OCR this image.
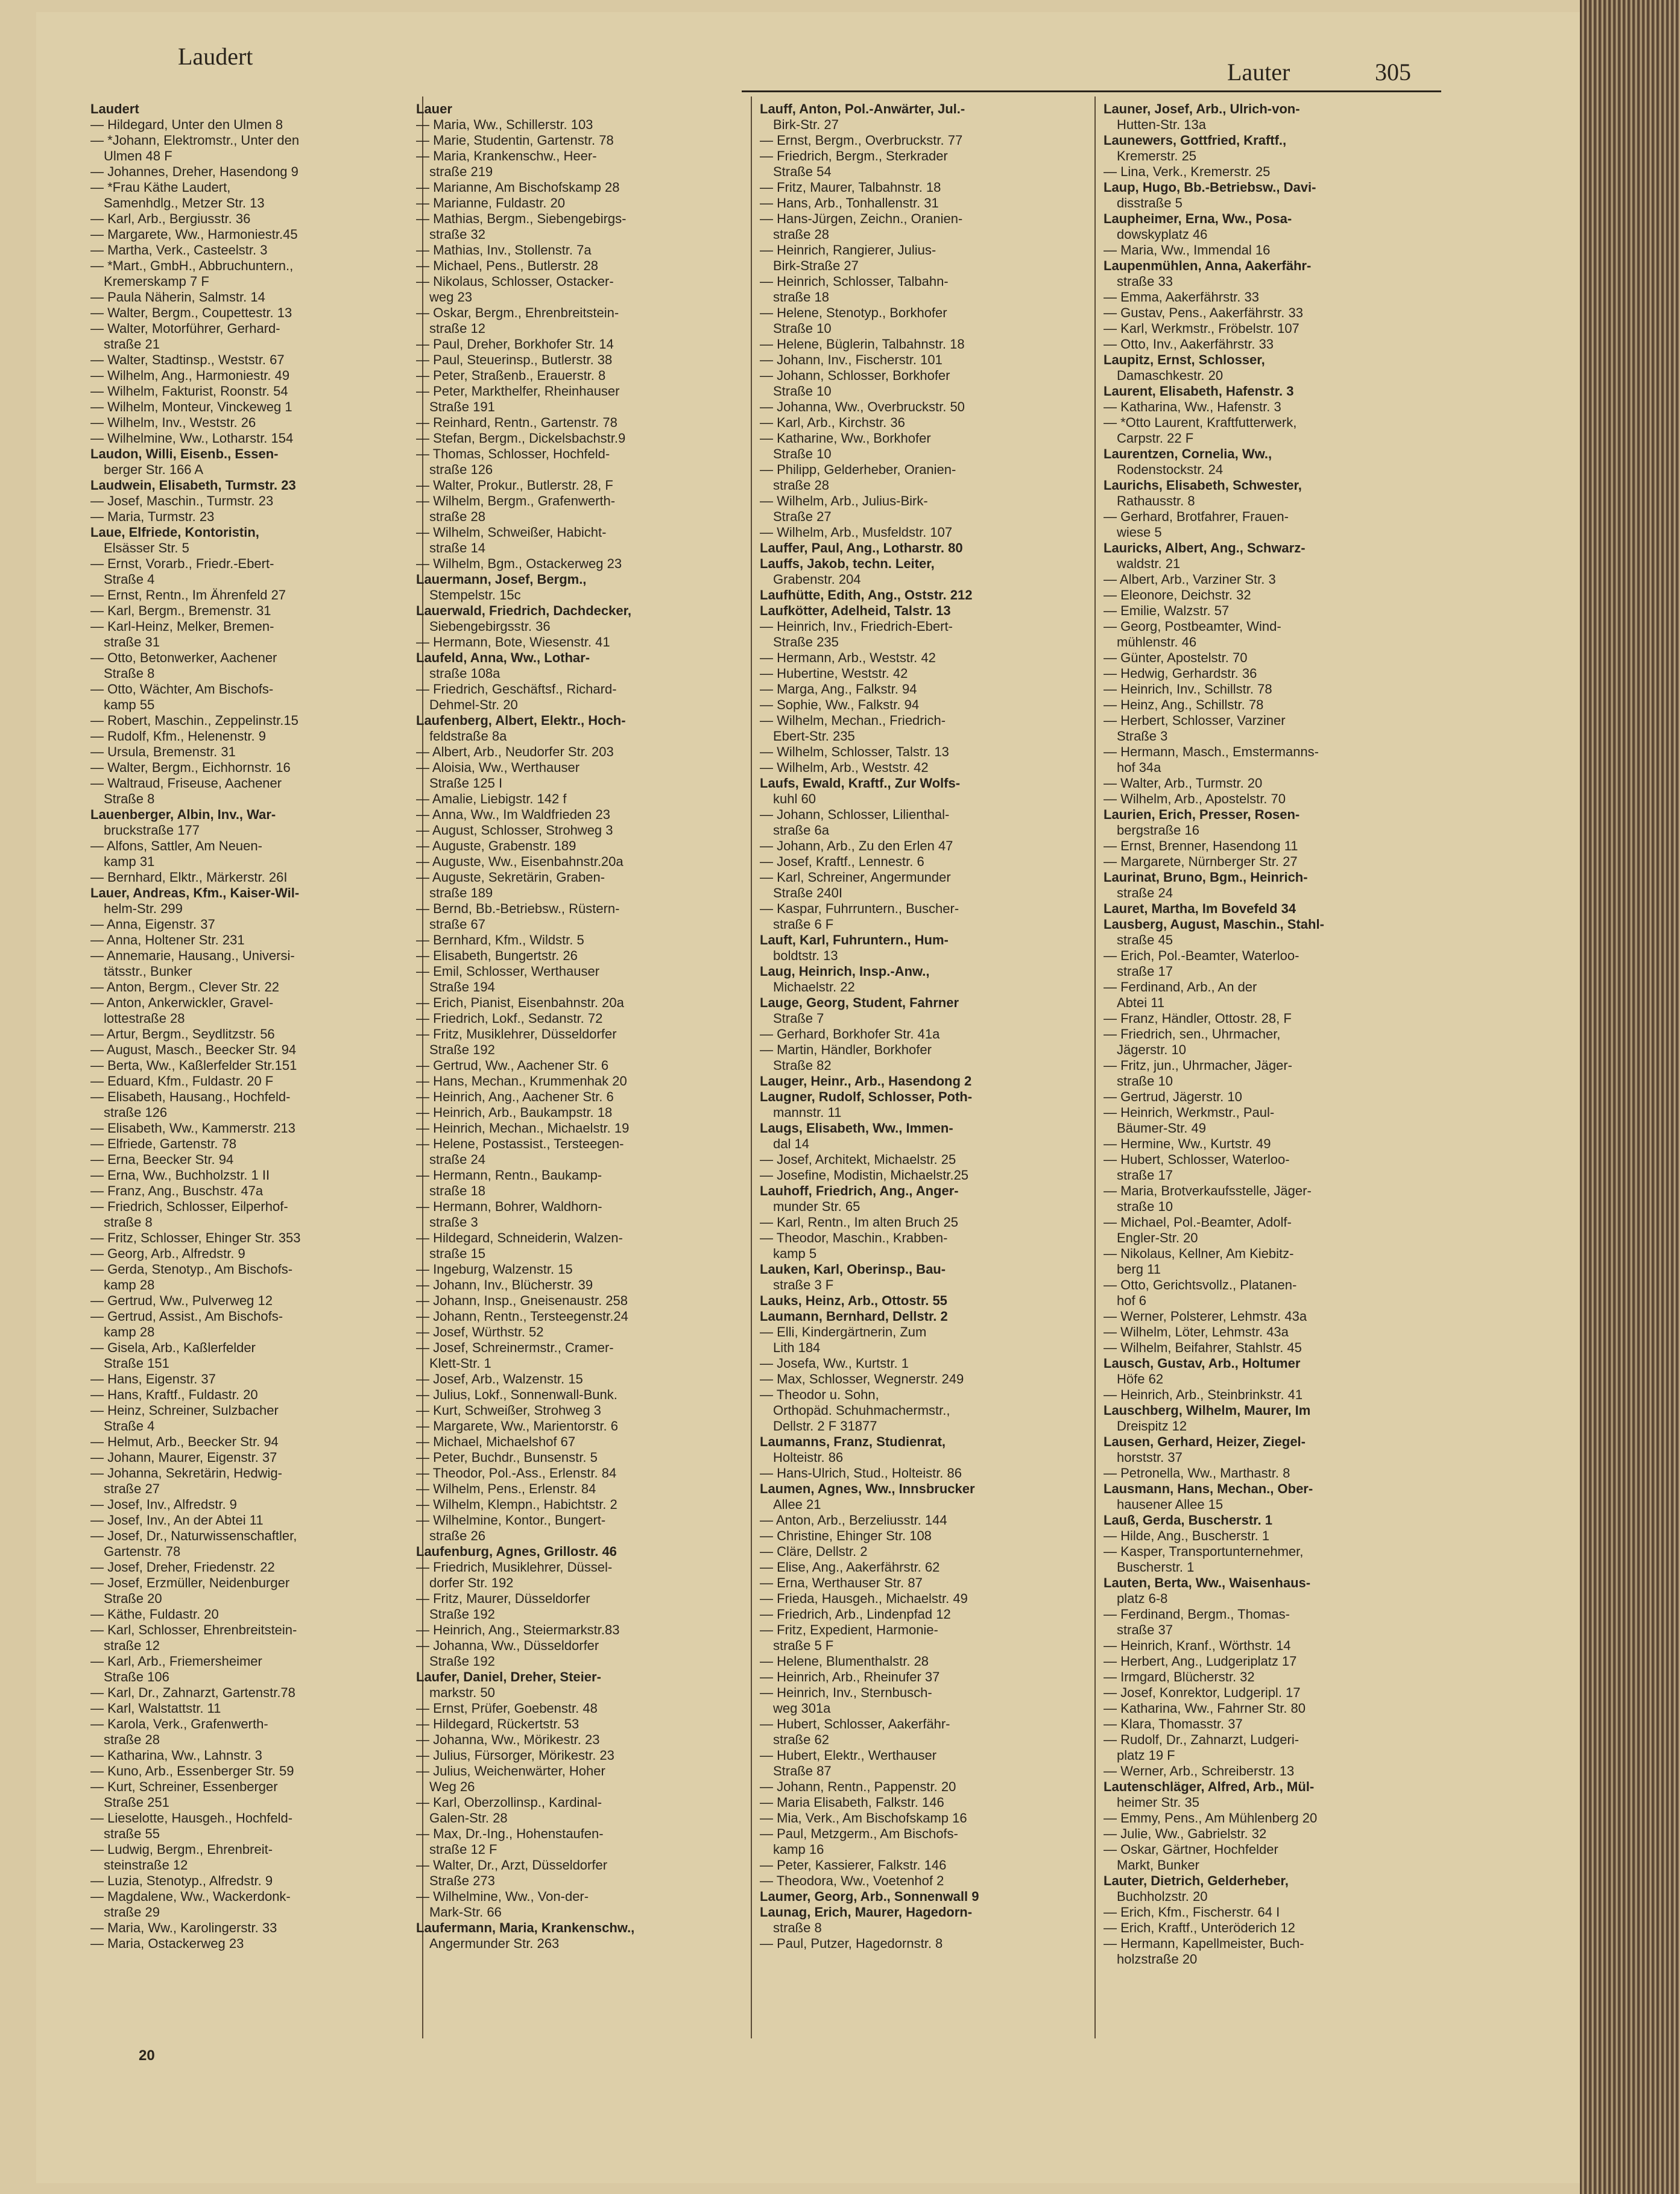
Laudert
Lauter	305
Laudert
— Hildegard, Unter den Ulmen 8
— *Johann, Elektromstr., Unter den
Ulmen 48 F
— Johannes, Dreher, Hasendong 9
— *Frau Käthe Laudert,
Samenhdlg., Metzer Str. 13
— Karl, Arb., Bergiusstr. 36
— Margarete, Ww., Harmoniestr.45
— Martha, Verk., Casteelstr. 3
— *Mart., GmbH., Abbruchuntern.,
Kremerskamp 7 F
— Paula Näherin, Salmstr. 14
— Walter, Bergm., Coupettestr. 13
— Walter, Motorführer, Gerhard-
straße 21
— Walter, Stadtinsp., Weststr. 67
— Wilhelm, Ang., Harmoniestr. 49
— Wilhelm, Fakturist, Roonstr. 54
— Wilhelm, Monteur, Vinckeweg 1
— Wilhelm, Inv., Weststr. 26
— Wilhelmine, Ww., Lotharstr. 154
Laudon, Willi, Eisenb., Essen-
berger Str. 166 A
Laudwein, Elisabeth, Turmstr. 23
— Josef, Maschin., Turmstr. 23
— Maria, Turmstr. 23
Laue, Elfriede, Kontoristin,
Elsässer Str. 5
— Ernst, Vorarb., Friedr.-Ebert-
Straße 4
— Ernst, Rentn., Im Ährenfeld 27
— Karl, Bergm., Bremenstr. 31
— Karl-Heinz, Melker, Bremen-
straße 31
— Otto, Betonwerker, Aachener
Straße 8
— Otto, Wächter, Am Bischofs-
kamp 55
— Robert, Maschin., Zeppelinstr.15
— Rudolf, Kfm., Helenenstr. 9
— Ursula, Bremenstr. 31
— Walter, Bergm., Eichhornstr. 16
— Waltraud, Friseuse, Aachener
Straße 8
Lauenberger, Albin, Inv., War-
bruckstraße 177
— Alfons, Sattler, Am Neuen-
kamp 31
— Bernhard, Elktr., Märkerstr. 26I
Lauer, Andreas, Kfm., Kaiser-Wil-
helm-Str. 299
— Anna, Eigenstr. 37
— Anna, Holtener Str. 231
— Annemarie, Hausang., Universi-
tätsstr., Bunker
— Anton, Bergm., Clever Str. 22
— Anton, Ankerwickler, Gravel-
lottestraße 28
— Artur, Bergm., Seydlitzstr. 56
— August, Masch., Beecker Str. 94
— Berta, Ww., Kaßlerfelder Str.151
— Eduard, Kfm., Fuldastr. 20 F
— Elisabeth, Hausang., Hochfeld-
straße 126
— Elisabeth, Ww., Kammerstr. 213
— Elfriede, Gartenstr. 78
— Erna, Beecker Str. 94
— Erna, Ww., Buchholzstr. 1 II
— Franz, Ang., Buschstr. 47a
— Friedrich, Schlosser, Eilperhof-
straße 8
— Fritz, Schlosser, Ehinger Str. 353
— Georg, Arb., Alfredstr. 9
— Gerda, Stenotyp., Am Bischofs-
kamp 28
— Gertrud, Ww., Pulverweg 12
— Gertrud, Assist., Am Bischofs-
kamp 28
— Gisela, Arb., Kaßlerfelder
Straße 151
— Hans, Eigenstr. 37
— Hans, Kraftf., Fuldastr. 20
— Heinz, Schreiner, Sulzbacher
Straße 4
— Helmut, Arb., Beecker Str. 94
— Johann, Maurer, Eigenstr. 37
— Johanna, Sekretärin, Hedwig-
straße 27
— Josef, Inv., Alfredstr. 9
— Josef, Inv., An der Abtei 11
— Josef, Dr., Naturwissenschaftler,
Gartenstr. 78
— Josef, Dreher, Friedenstr. 22
— Josef, Erzmüller, Neidenburger
Straße 20
— Käthe, Fuldastr. 20
— Karl, Schlosser, Ehrenbreitstein-
straße 12
— Karl, Arb., Friemersheimer
Straße 106
— Karl, Dr., Zahnarzt, Gartenstr.78
— Karl, Walstattstr. 11
— Karola, Verk., Grafenwerth-
straße 28
— Katharina, Ww., Lahnstr. 3
— Kuno, Arb., Essenberger Str. 59
— Kurt, Schreiner, Essenberger
Straße 251
— Lieselotte, Hausgeh., Hochfeld-
straße 55
— Ludwig, Bergm., Ehrenbreit-
steinstraße 12
— Luzia, Stenotyp., Alfredstr. 9
— Magdalene, Ww., Wackerdonk-
straße 29
— Maria, Ww., Karolingerstr. 33
— Maria, Ostackerweg 23
Lauer
— Maria, Ww., Schillerstr. 103
— Marie, Studentin, Gartenstr. 78
— Maria, Krankenschw., Heer-
straße 219
— Marianne, Am Bischofskamp 28
— Marianne, Fuldastr. 20
— Mathias, Bergm., Siebengebirgs-
straße 32
— Mathias, Inv., Stollenstr. 7a
— Michael, Pens., Butlerstr. 28
— Nikolaus, Schlosser, Ostacker-
weg 23
— Oskar, Bergm., Ehrenbreitstein-
straße 12
— Paul, Dreher, Borkhofer Str. 14
— Paul, Steuerinsp., Butlerstr. 38
— Peter, Straßenb., Erauerstr. 8
— Peter, Markthelfer, Rheinhauser
Straße 191
— Reinhard, Rentn., Gartenstr. 78
— Stefan, Bergm., Dickelsbachstr.9
— Thomas, Schlosser, Hochfeld-
straße 126
— Walter, Prokur., Butlerstr. 28, F
— Wilhelm, Bergm., Grafenwerth-
straße 28
— Wilhelm, Schweißer, Habicht-
straße 14
— Wilhelm, Bgm., Ostackerweg 23
Lauermann, Josef, Bergm.,
Stempelstr. 15c
Lauerwald, Friedrich, Dachdecker,
Siebengebirgsstr. 36
— Hermann, Bote, Wiesenstr. 41
Laufeld, Anna, Ww., Lothar-
straße 108a
— Friedrich, Geschäftsf., Richard-
Dehmel-Str. 20
Laufenberg, Albert, Elektr., Hoch-
feldstraße 8a
— Albert, Arb., Neudorfer Str. 203
— Aloisia, Ww., Werthauser
Straße 125 I
— Amalie, Liebigstr. 142 f
— Anna, Ww., Im Waldfrieden 23
— August, Schlosser, Strohweg 3
— Auguste, Grabenstr. 189
— Auguste, Ww., Eisenbahnstr.20a
— Auguste, Sekretärin, Graben-
straße 189
— Bernd, Bb.-Betriebsw., Rüstern-
straße 67
— Bernhard, Kfm., Wildstr. 5
— Elisabeth, Bungertstr. 26
— Emil, Schlosser, Werthauser
Straße 194
— Erich, Pianist, Eisenbahnstr. 20a
— Friedrich, Lokf., Sedanstr. 72
— Fritz, Musiklehrer, Düsseldorfer
Straße 192
— Gertrud, Ww., Aachener Str. 6
— Hans, Mechan., Krummenhak 20
— Heinrich, Ang., Aachener Str. 6
— Heinrich, Arb., Baukampstr. 18
— Heinrich, Mechan., Michaelstr. 19
— Helene, Postassist., Tersteegen-
straße 24
— Hermann, Rentn., Baukamp-
straße 18
— Hermann, Bohrer, Waldhorn-
straße 3
— Hildegard, Schneiderin, Walzen-
straße 15
— Ingeburg, Walzenstr. 15
— Johann, Inv., Blücherstr. 39
— Johann, Insp., Gneisenaustr. 258
— Johann, Rentn., Tersteegenstr.24
— Josef, Würthstr. 52
— Josef, Schreinermstr., Cramer-
Klett-Str. 1
— Josef, Arb., Walzenstr. 15
— Julius, Lokf., Sonnenwall-Bunk.
— Kurt, Schweißer, Strohweg 3
— Margarete, Ww., Marientorstr. 6
— Michael, Michaelshof 67
— Peter, Buchdr., Bunsenstr. 5
— Theodor, Pol.-Ass., Erlenstr. 84
— Wilhelm, Pens., Erlenstr. 84
— Wilhelm, Klempn., Habichtstr. 2
— Wilhelmine, Kontor., Bungert-
straße 26
Laufenburg, Agnes, Grillostr. 46
— Friedrich, Musiklehrer, Düssel-
dorfer Str. 192
— Fritz, Maurer, Düsseldorfer
Straße 192
— Heinrich, Ang., Steiermarkstr.83
— Johanna, Ww., Düsseldorfer
Straße 192
Laufer, Daniel, Dreher, Steier-
markstr. 50
— Ernst, Prüfer, Goebenstr. 48
— Hildegard, Rückertstr. 53
— Johanna, Ww., Mörikestr. 23
— Julius, Fürsorger, Mörikestr. 23
— Julius, Weichenwärter, Hoher
Weg 26
— Karl, Oberzollinsp., Kardinal-
Galen-Str. 28
— Max, Dr.-Ing., Hohenstaufen-
straße 12 F
— Walter, Dr., Arzt, Düsseldorfer
Straße 273
— Wilhelmine, Ww., Von-der-
Mark-Str. 66
Laufermann, Maria, Krankenschw.,
Angermunder Str. 263
Lauff, Anton, Pol.-Anwärter, Jul.-
Birk-Str. 27
— Ernst, Bergm., Overbruckstr. 77
— Friedrich, Bergm., Sterkrader
Straße 54
— Fritz, Maurer, Talbahnstr. 18
— Hans, Arb., Tonhallenstr. 31
— Hans-Jürgen, Zeichn., Oranien-
straße 28
— Heinrich, Rangierer, Julius-
Birk-Straße 27
— Heinrich, Schlosser, Talbahn-
straße 18
— Helene, Stenotyp., Borkhofer
Straße 10
— Helene, Büglerin, Talbahnstr. 18
— Johann, Inv., Fischerstr. 101
— Johann, Schlosser, Borkhofer
Straße 10
— Johanna, Ww., Overbruckstr. 50
— Karl, Arb., Kirchstr. 36
— Katharine, Ww., Borkhofer
Straße 10
— Philipp, Gelderheber, Oranien-
straße 28
— Wilhelm, Arb., Julius-Birk-
Straße 27
— Wilhelm, Arb., Musfeldstr. 107
Lauffer, Paul, Ang., Lotharstr. 80
Lauffs, Jakob, techn. Leiter,
Grabenstr. 204
Laufhütte, Edith, Ang., Oststr. 212
Laufkötter, Adelheid, Talstr. 13
— Heinrich, Inv., Friedrich-Ebert-
Straße 235
— Hermann, Arb., Weststr. 42
— Hubertine, Weststr. 42
— Marga, Ang., Falkstr. 94
— Sophie, Ww., Falkstr. 94
— Wilhelm, Mechan., Friedrich-
Ebert-Str. 235
— Wilhelm, Schlosser, Talstr. 13
— Wilhelm, Arb., Weststr. 42
Laufs, Ewald, Kraftf., Zur Wolfs-
kuhl 60
— Johann, Schlosser, Lilienthal-
straße 6a
— Johann, Arb., Zu den Erlen 47
— Josef, Kraftf., Lennestr. 6
— Karl, Schreiner, Angermunder
Straße 240I
— Kaspar, Fuhrruntern., Buscher-
straße 6 F
Lauft, Karl, Fuhruntern., Hum-
boldtstr. 13
Laug, Heinrich, Insp.-Anw.,
Michaelstr. 22
Lauge, Georg, Student, Fahrner
Straße 7
— Gerhard, Borkhofer Str. 41a
— Martin, Händler, Borkhofer
Straße 82
Lauger, Heinr., Arb., Hasendong 2
Laugner, Rudolf, Schlosser, Poth-
mannstr. 11
Laugs, Elisabeth, Ww., Immen-
dal 14
— Josef, Architekt, Michaelstr. 25
— Josefine, Modistin, Michaelstr.25
Lauhoff, Friedrich, Ang., Anger-
munder Str. 65
— Karl, Rentn., Im alten Bruch 25
— Theodor, Maschin., Krabben-
kamp 5
Lauken, Karl, Oberinsp., Bau-
straße 3 F
Lauks, Heinz, Arb., Ottostr. 55
Laumann, Bernhard, Dellstr. 2
— Elli, Kindergärtnerin, Zum
Lith 184
— Josefa, Ww., Kurtstr. 1
— Max, Schlosser, Wegnerstr. 249
— Theodor u. Sohn,
Orthopäd. Schuhmachermstr.,
Dellstr. 2 F 31877
Laumanns, Franz, Studienrat,
Holteistr. 86
— Hans-Ulrich, Stud., Holteistr. 86
Laumen, Agnes, Ww., Innsbrucker
Allee 21
— Anton, Arb., Berzeliusstr. 144
— Christine, Ehinger Str. 108
— Cläre, Dellstr. 2
— Elise, Ang., Aakerfährstr. 62
— Erna, Werthauser Str. 87
— Frieda, Hausgeh., Michaelstr. 49
— Friedrich, Arb., Lindenpfad 12
— Fritz, Expedient, Harmonie-
straße 5 F
— Helene, Blumenthalstr. 28
— Heinrich, Arb., Rheinufer 37
— Heinrich, Inv., Sternbusch-
weg 301a
— Hubert, Schlosser, Aakerfähr-
straße 62
— Hubert, Elektr., Werthauser
Straße 87
— Johann, Rentn., Pappenstr. 20
— Maria Elisabeth, Falkstr. 146
— Mia, Verk., Am Bischofskamp 16
— Paul, Metzgerm., Am Bischofs-
kamp 16
— Peter, Kassierer, Falkstr. 146
— Theodora, Ww., Voetenhof 2
Laumer, Georg, Arb., Sonnenwall 9
Launag, Erich, Maurer, Hagedorn-
straße 8
— Paul, Putzer, Hagedornstr. 8
Launer, Josef, Arb., Ulrich-von-
Hutten-Str. 13a
Launewers, Gottfried, Kraftf.,
Kremerstr. 25
— Lina, Verk., Kremerstr. 25
Laup, Hugo, Bb.-Betriebsw., Davi-
disstraße 5
Laupheimer, Erna, Ww., Posa-
dowskyplatz 46
— Maria, Ww., Immendal 16
Laupenmühlen, Anna, Aakerfähr-
straße 33
— Emma, Aakerfährstr. 33
— Gustav, Pens., Aakerfährstr. 33
— Karl, Werkmstr., Fröbelstr. 107
— Otto, Inv., Aakerfährstr. 33
Laupitz, Ernst, Schlosser,
Damaschkestr. 20
Laurent, Elisabeth, Hafenstr. 3
— Katharina, Ww., Hafenstr. 3
— *Otto Laurent, Kraftfutterwerk,
Carpstr. 22 F
Laurentzen, Cornelia, Ww.,
Rodenstockstr. 24
Laurichs, Elisabeth, Schwester,
Rathausstr. 8
— Gerhard, Brotfahrer, Frauen-
wiese 5
Lauricks, Albert, Ang., Schwarz-
waldstr. 21
— Albert, Arb., Varziner Str. 3
— Eleonore, Deichstr. 32
— Emilie, Walzstr. 57
— Georg, Postbeamter, Wind-
mühlenstr. 46
— Günter, Apostelstr. 70
— Hedwig, Gerhardstr. 36
— Heinrich, Inv., Schillstr. 78
— Heinz, Ang., Schillstr. 78
— Herbert, Schlosser, Varziner
Straße 3
— Hermann, Masch., Emstermanns-
hof 34a
— Walter, Arb., Turmstr. 20
— Wilhelm, Arb., Apostelstr. 70
Laurien, Erich, Presser, Rosen-
bergstraße 16
— Ernst, Brenner, Hasendong 11
— Margarete, Nürnberger Str. 27
Laurinat, Bruno, Bgm., Heinrich-
straße 24
Lauret, Martha, Im Bovefeld 34
Lausberg, August, Maschin., Stahl-
straße 45
— Erich, Pol.-Beamter, Waterloo-
straße 17
— Ferdinand, Arb., An der
Abtei 11
— Franz, Händler, Ottostr. 28, F
— Friedrich, sen., Uhrmacher,
Jägerstr. 10
— Fritz, jun., Uhrmacher, Jäger-
straße 10
— Gertrud, Jägerstr. 10
— Heinrich, Werkmstr., Paul-
Bäumer-Str. 49
— Hermine, Ww., Kurtstr. 49
— Hubert, Schlosser, Waterloo-
straße 17
— Maria, Brotverkaufsstelle, Jäger-
straße 10
— Michael, Pol.-Beamter, Adolf-
Engler-Str. 20
— Nikolaus, Kellner, Am Kiebitz-
berg 11
— Otto, Gerichtsvollz., Platanen-
hof 6
— Werner, Polsterer, Lehmstr. 43a
— Wilhelm, Löter, Lehmstr. 43a
— Wilhelm, Beifahrer, Stahlstr. 45
Lausch, Gustav, Arb., Holtumer
Höfe 62
— Heinrich, Arb., Steinbrinkstr. 41
Lauschberg, Wilhelm, Maurer, Im
Dreispitz 12
Lausen, Gerhard, Heizer, Ziegel-
horststr. 37
— Petronella, Ww., Marthastr. 8
Lausmann, Hans, Mechan., Ober-
hausener Allee 15
Lauß, Gerda, Buscherstr. 1
— Hilde, Ang., Buscherstr. 1
— Kasper, Transportunternehmer,
Buscherstr. 1
Lauten, Berta, Ww., Waisenhaus-
platz 6-8
— Ferdinand, Bergm., Thomas-
straße 37
— Heinrich, Kranf., Wörthstr. 14
— Herbert, Ang., Ludgeriplatz 17
— Irmgard, Blücherstr. 32
— Josef, Konrektor, Ludgeripl. 17
— Katharina, Ww., Fahrner Str. 80
— Klara, Thomasstr. 37
— Rudolf, Dr., Zahnarzt, Ludgeri-
platz 19 F
— Werner, Arb., Schreiberstr. 13
Lautenschläger, Alfred, Arb., Mül-
heimer Str. 35
— Emmy, Pens., Am Mühlenberg 20
— Julie, Ww., Gabrielstr. 32
— Oskar, Gärtner, Hochfelder
Markt, Bunker
Lauter, Dietrich, Gelderheber,
Buchholzstr. 20
— Erich, Kfm., Fischerstr. 64 I
— Erich, Kraftf., Unteröderich 12
— Hermann, Kapellmeister, Buch-
holzstraße 20
20
